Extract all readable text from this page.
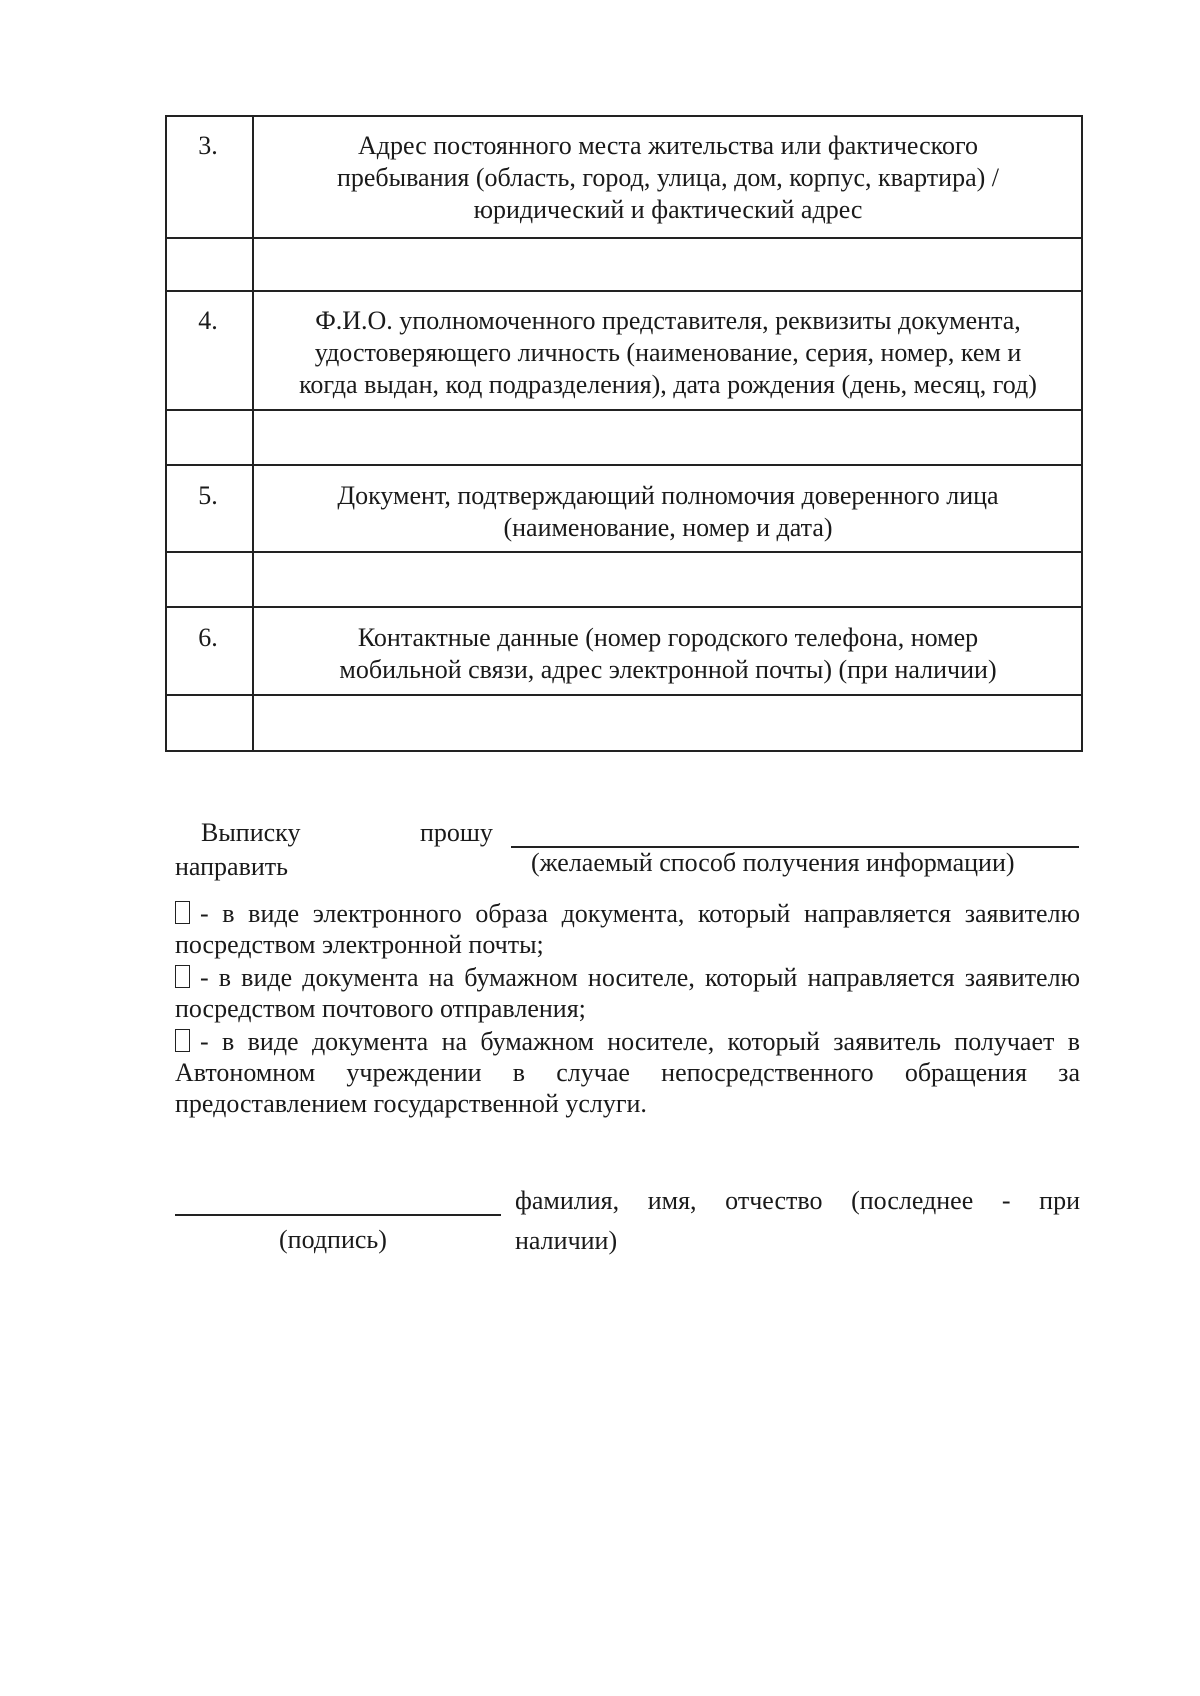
3.	Адрес постоянного места жительства или фактического
пребывания (область, город, улица, дом, корпус, квартира) /
юридический и фактический адрес
4.	Ф.И.О. уполномоченного представителя, реквизиты документа,
удостоверяющего личность (наименование, серия, номер, кем и
когда выдан, код подразделения), дата рождения (день, месяц, год)
5.	Документ, подтверждающий полномочия доверенного лица
(наименование, номер и дата)
6.	Контактные данные (номер городского телефона, номер
мобильной связи, адрес электронной почты) (при наличии)
Выписку	прошу
направить	(желаемый способ получения информации)
- в виде электронного образа документа, который направляется заявителю посредством электронной почты;
- в виде документа на бумажном носителе, который направляется заявителю посредством почтового отправления;
- в виде документа на бумажном носителе, который заявитель получает в Автономном учреждении в случае непосредственного обращения за предоставлением государственной услуги.
(подпись)
фамилия, имя, отчество (последнее - при
наличии)
